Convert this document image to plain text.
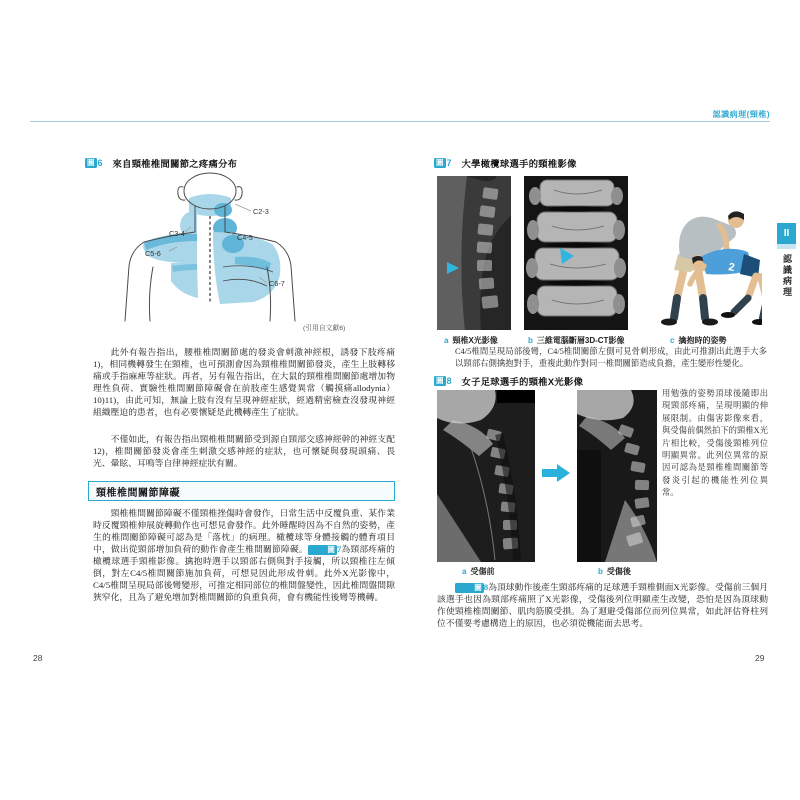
認識病理(頸椎)
圖 6 來自頸椎椎間關節之疼痛分布
C2-3
C3-4	C4-5
C5-6
C6-7
(引用自文獻6)

此外有報告指出，腰椎椎間關節處的發炎會刺激神經根，誘發下肢疼痛1)，相同機轉發生在頸椎，也可預測會因為頸椎椎間關節發炎，產生上肢轉移痛或手指麻痺等症狀。再者，另有報告指出，在大鼠的頸椎椎間關節處增加物理性負荷、實驗性椎間關節障礙會在前肢產生感覺異常（觸摸痛allodynia）10)11)，由此可知，無論上肢有沒有呈現神經症狀，經過精密檢查沒發現神經組織壓迫的患者，也有必要懷疑是此機轉產生了症狀。

不僅如此，有報告指出頸椎椎間關節受到源自頸部交感神經幹的神經支配12)，椎間關節發炎會產生刺激交感神經的症狀，也可懷疑與發現頭痛、畏光、暈眩、耳鳴等自律神經症狀有關。

頸椎椎間關節障礙

頸椎椎間關節障礙不僅頸椎挫傷時會發作，日常生活中反覆負重、某作業時反覆頸椎伸展旋轉動作也可想見會發作。此外睡醒時因為不自然的姿勢，產生的椎間關節障礙可認為是「落枕」的病理。橄欖球等身體接觸的體育項目中，做出從頸部增加負荷的動作會產生椎間關節障礙。	圖 7為頸部疼痛的橄欖球選手頸椎影像。擒抱時選手以頸部右側與對手接觸，所以頸椎往左傾倒，對左C4/5椎間關節施加負荷，可想見因此形成骨刺。此外X光影像中，C4/5椎間呈現局部後彎變形，可推定相同部位的椎間盤變性，因此椎間盤間隙狹窄化，且為了避免增加對椎間關節的負重負荷，會有機能性後彎等機轉。

圖 7 大學橄欖球選手的頸椎影像
2
a 頸椎X光影像	b 三維電腦斷層3D-CT影像	c 擒抱時的姿勢

C4/5椎間呈現局部後彎，C4/5椎間關節左側可見骨刺形成，由此可推測出此選手大多以頸部右側擒抱對手，重複此動作對同一椎間關節造成負擔，產生變形性變化。

圖 8 女子足球選手的頸椎X光影像

用勉強的姿勢頂球後隨即出現頸部疼痛，呈現明顯的伸展限制。由傷害影像來看，與受傷前偶然拍下的頸椎X光片相比較，受傷後頸椎列位明顯異常。此列位異常的原因可認為是頸椎椎間關節等發炎引起的機能性列位異常。

a 受傷前	b 受傷後

圖 8為頂球動作後產生頸部疼痛的足球選手頸椎側面X光影像。受傷前三個月該選手也因為頸部疼痛照了X光影像，受傷後列位明顯產生改變，恐怕是因為頂球動作使頸椎椎間關節、肌肉筋膜受損。為了迴避受傷部位而列位異常，如此評估脊柱列位不僅要考慮構造上的原因，也必須從機能面去思考。

II
認識病理
28	29
